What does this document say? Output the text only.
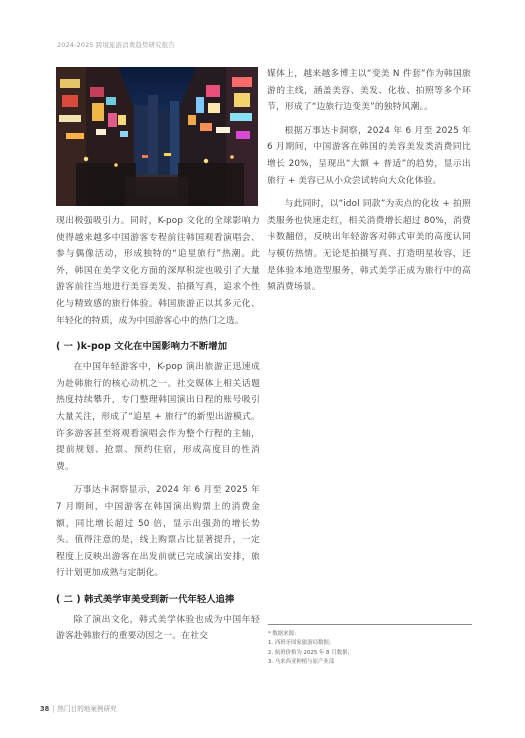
2024-2025 跨境旅游消费趋势研究报告

现出极强吸引力。同时，K-pop 文化的全球影响力使得越来越多中国游客专程前往韩国观看演唱会、参与偶像活动，形成独特的“追星旅行”热潮。此外，韩国在美学文化方面的深厚积淀也吸引了大量游客前往当地进行美容美发、拍摄写真，追求个性化与精致感的旅行体验。韩国旅游正以其多元化、年轻化的特质，成为中国游客心中的热门之选。

( 一 )k-pop 文化在中国影响力不断增加

在中国年轻游客中，K-pop 演出旅游正迅速成为赴韩旅行的核心动机之一。社交媒体上相关话题热度持续攀升，专门整理韩国演出日程的账号吸引大量关注，形成了“追星 + 旅行”的新型出游模式。许多游客甚至将观看演唱会作为整个行程的主轴，提前规划、抢票、预约住宿，形成高度目的性消费。

万事达卡洞察显示，2024 年 6 月至 2025 年 7 月期间，中国游客在韩国演出购票上的消费金额，同比增长超过 50 倍，显示出强劲的增长势头。值得注意的是，线上购票占比显著提升，一定程度上反映出游客在出发前就已完成演出安排，旅行计划更加成熟与定制化。

( 二 ) 韩式美学审美受到新一代年轻人追捧

除了演出文化，韩式美学体验也成为中国年轻游客赴韩旅行的重要动因之一。在社交

媒体上，越来越多博主以“变美 N 件套”作为韩国旅游的主线，涵盖美容、美发、化妆、拍照等多个环节，形成了“边旅行边变美”的独特风潮。。

根据万事达卡洞察，2024 年 6 月至 2025 年 6 月期间，中国游客在韩国的美容美发类消费同比增长 20%，呈现出“大额 + 普适”的趋势，显示出旅行 + 美容已从小众尝试转向大众化体验。

与此同时，以“idol 同款”为卖点的化妆 + 拍照类服务也快速走红，相关消费增长超过 80%，消费卡数翻倍，反映出年轻游客对韩式审美的高度认同与模仿热情。无论是拍摄写真、打造明星妆容，还是体验本地造型服务，韩式美学正成为旅行中的高频消费场景。

* 数据来源：
1. 西班牙国家旅游局数据；
2. 航班价格为 2025 年 8 月数据；
3. 马来西亚种植与原产业部
38 | 热门目的地案例研究
